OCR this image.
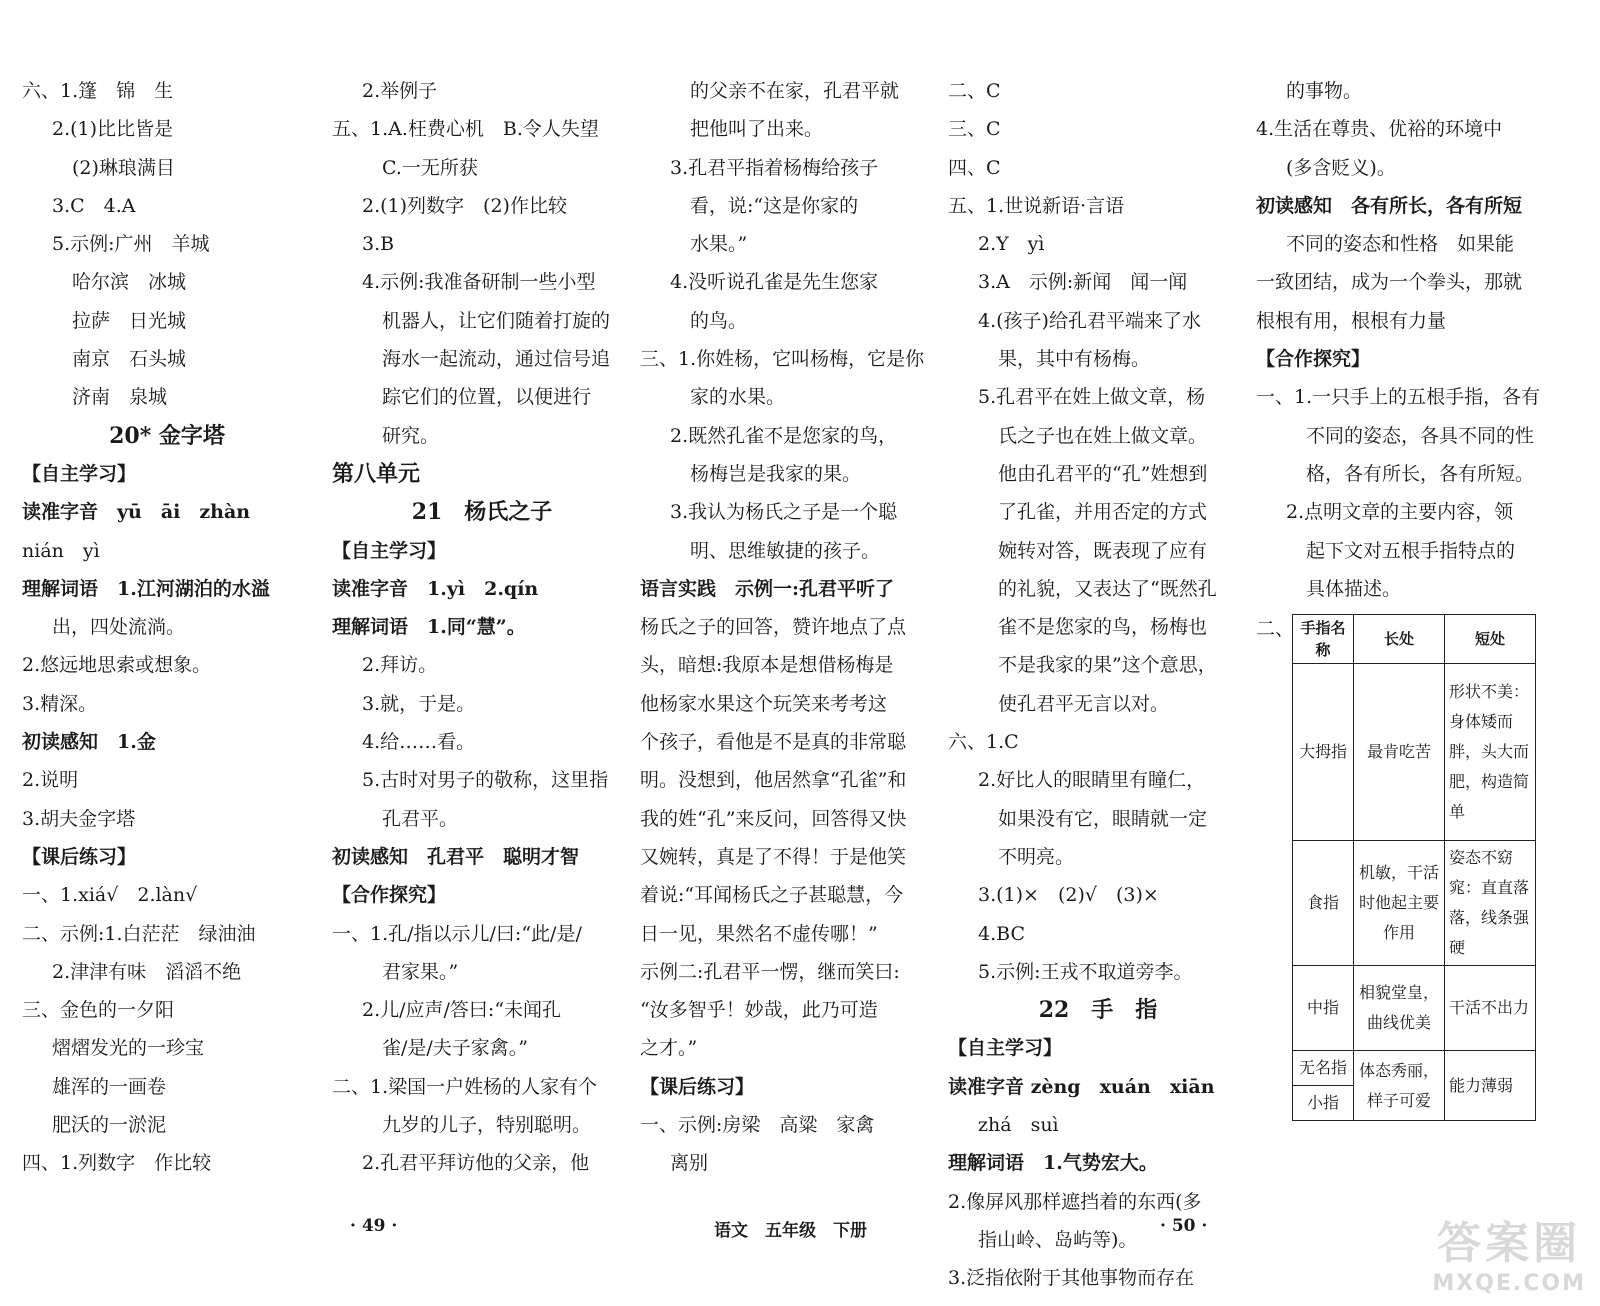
六、1.篷　锦　生
2.(1)比比皆是
(2)琳琅满目
3.C　4.A
5.示例:广州　羊城
哈尔滨　冰城
拉萨　日光城
南京　石头城
济南　泉城
20* 金字塔
【自主学习】
读准字音　yū　āi　zhàn
nián　yì
理解词语　1.江河湖泊的水溢
出，四处流淌。
2.悠远地思索或想象。
3.精深。
初读感知　1.金
2.说明
3.胡夫金字塔
【课后练习】
一、1.xiá√　2.làn√
二、示例:1.白茫茫　绿油油
2.津津有味　滔滔不绝
三、金色的一夕阳
熠熠发光的一珍宝
雄浑的一画卷
肥沃的一淤泥
四、1.列数字　作比较
2.举例子
五、1.A.枉费心机　B.令人失望
C.一无所获
2.(1)列数字　(2)作比较
3.B
4.示例:我准备研制一些小型
机器人，让它们随着打旋的
海水一起流动，通过信号追
踪它们的位置，以便进行
研究。
第八单元
21　杨氏之子
【自主学习】
读准字音　1.yì　2.qín
理解词语　1.同“慧”。
2.拜访。
3.就，于是。
4.给……看。
5.古时对男子的敬称，这里指
孔君平。
初读感知　孔君平　聪明才智
【合作探究】
一、1.孔/指以示儿/曰:“此/是/
君家果。”
2.儿/应声/答曰:“未闻孔
雀/是/夫子家禽。”
二、1.梁国一户姓杨的人家有个
九岁的儿子，特别聪明。
2.孔君平拜访他的父亲，他
的父亲不在家，孔君平就
把他叫了出来。
3.孔君平指着杨梅给孩子
看，说:“这是你家的
水果。”
4.没听说孔雀是先生您家
的鸟。
三、1.你姓杨，它叫杨梅，它是你
家的水果。
2.既然孔雀不是您家的鸟，
杨梅岂是我家的果。
3.我认为杨氏之子是一个聪
明、思维敏捷的孩子。
语言实践　示例一:孔君平听了
杨氏之子的回答，赞许地点了点
头，暗想:我原本是想借杨梅是
他杨家水果这个玩笑来考考这
个孩子，看他是不是真的非常聪
明。没想到，他居然拿“孔雀”和
我的姓“孔”来反问，回答得又快
又婉转，真是了不得！于是他笑
着说:“耳闻杨氏之子甚聪慧，今
日一见，果然名不虚传哪！”
示例二:孔君平一愣，继而笑曰:
“汝多智乎！妙哉，此乃可造
之才。”
【课后练习】
一、示例:房梁　高粱　家禽
离别
二、C
三、C
四、C
五、1.世说新语·言语
2.Y　yì
3.A　示例:新闻　闻一闻
4.(孩子)给孔君平端来了水
果，其中有杨梅。
5.孔君平在姓上做文章，杨
氏之子也在姓上做文章。
他由孔君平的“孔”姓想到
了孔雀，并用否定的方式
婉转对答，既表现了应有
的礼貌，又表达了“既然孔
雀不是您家的鸟，杨梅也
不是我家的果”这个意思，
使孔君平无言以对。
六、1.C
2.好比人的眼睛里有瞳仁，
如果没有它，眼睛就一定
不明亮。
3.(1)×　(2)√　(3)×
4.BC
5.示例:王戎不取道旁李。
22　手　指
【自主学习】
读准字音 zèng　xuán　xiān
zhá　suì
理解词语　1.气势宏大。
2.像屏风那样遮挡着的东西(多
指山岭、岛屿等)。
3.泛指依附于其他事物而存在
的事物。
4.生活在尊贵、优裕的环境中
(多含贬义)。
初读感知　各有所长，各有所短
不同的姿态和性格　如果能
一致团结，成为一个拳头，那就
根根有用，根根有力量
【合作探究】
一、1.一只手上的五根手指，各有
不同的姿态，各具不同的性
格，各有所长，各有所短。
2.点明文章的主要内容，领
起下文对五根手指特点的
具体描述。
二、 手指名称	长处	短处
大拇指	最肯吃苦	形状不美：身体矮而胖，头大而肥，构造简单
食指	机敏，干活时他起主要作用	姿态不窈窕：直直落落，线条强硬
中指	相貌堂皇，曲线优美	干活不出力
无名指	体态秀丽，样子可爱	能力薄弱
小指		
· 49 ·	语文　五年级　下册	· 50 ·	答案圈
MXQE.COM
